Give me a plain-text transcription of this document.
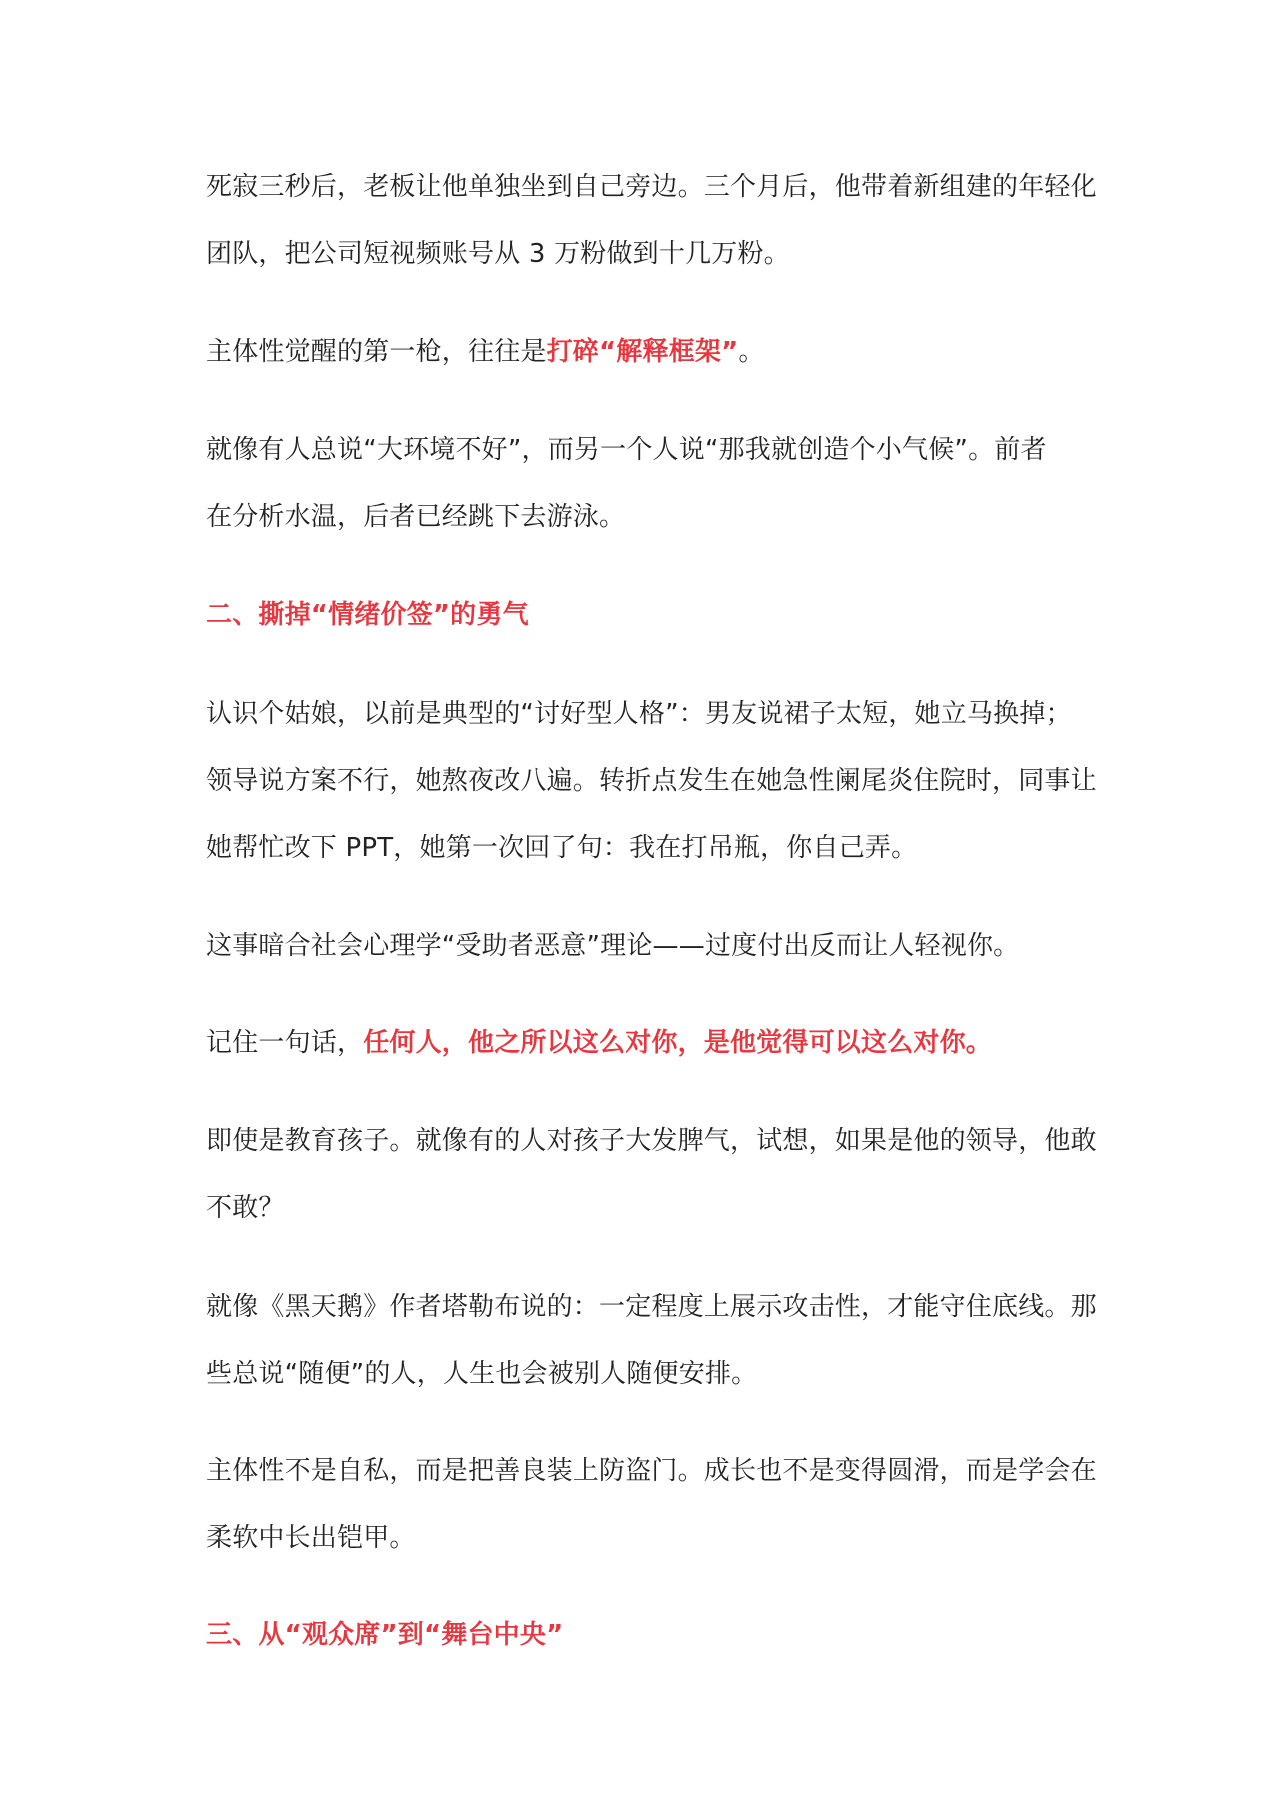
死寂三秒后，老板让他单独坐到自己旁边。三个月后，他带着新组建的年轻化
团队，把公司短视频账号从 3 万粉做到十几万粉。
主体性觉醒的第一枪，往往是打碎“解释框架”。
就像有人总说“大环境不好”，而另一个人说“那我就创造个小气候”。前者
在分析水温，后者已经跳下去游泳。
二、撕掉“情绪价签”的勇气
认识个姑娘，以前是典型的“讨好型人格”：男友说裙子太短，她立马换掉；
领导说方案不行，她熬夜改八遍。转折点发生在她急性阑尾炎住院时，同事让
她帮忙改下 PPT，她第一次回了句：我在打吊瓶，你自己弄。
这事暗合社会心理学“受助者恶意”理论——过度付出反而让人轻视你。
记住一句话，任何人，他之所以这么对你，是他觉得可以这么对你。
即使是教育孩子。就像有的人对孩子大发脾气，试想，如果是他的领导，他敢
不敢？
就像《黑天鹅》作者塔勒布说的：一定程度上展示攻击性，才能守住底线。那
些总说“随便”的人，人生也会被别人随便安排。
主体性不是自私，而是把善良装上防盗门。成长也不是变得圆滑，而是学会在
柔软中长出铠甲。
三、从“观众席”到“舞台中央”
